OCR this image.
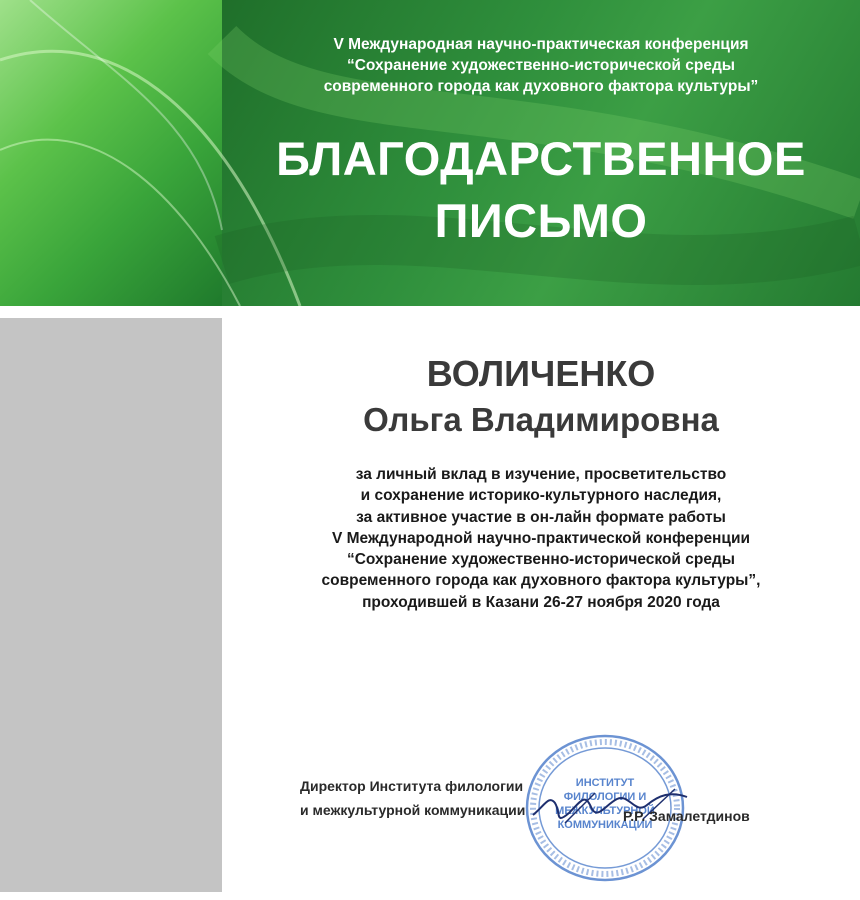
V Международная научно-практическая конференция
“Сохранение художественно-исторической среды
современного города как духовного фактора культуры”
БЛАГОДАРСТВЕННОЕ
ПИСЬМО
ВОЛИЧЕНКО
Ольга Владимировна
за личный вклад в изучение, просветительство
и сохранение историко-культурного наследия,
за активное участие в он-лайн формате работы
V Международной научно-практической конференции
“Сохранение художественно-исторической среды
современного города как духовного фактора культуры”,
проходившей в Казани 26-27 ноября 2020 года
ИНСТИТУТ
ФИЛОЛОГИИ И
МЕЖКУЛЬТУРНОЙ
КОММУНИКАЦИИ
Директор Института филологии
и межкультурной коммуникации	Р.Р. Замалетдинов
